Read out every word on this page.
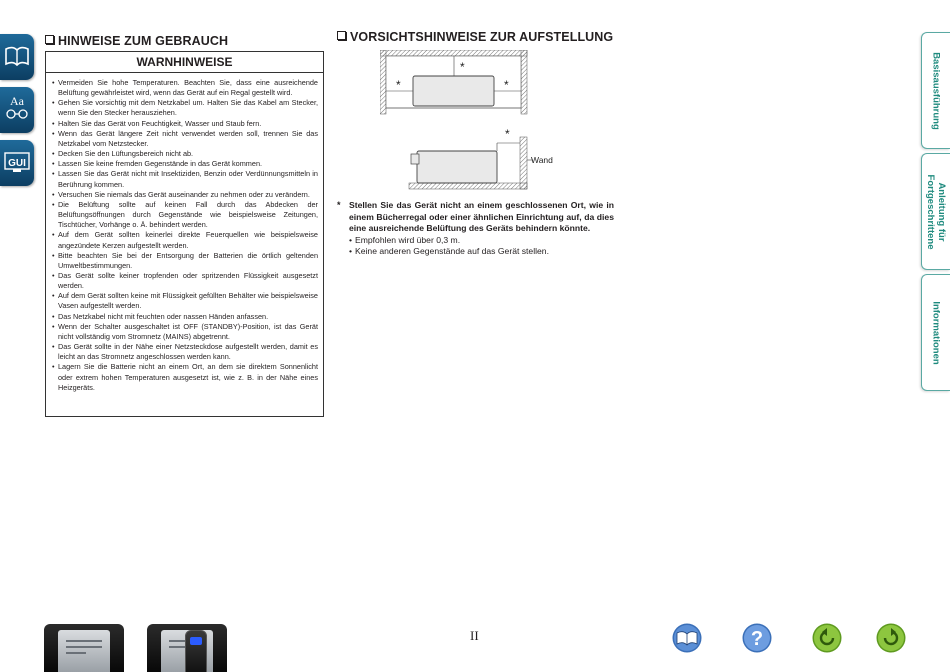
Aa
GUI
Basisausführung
Anleitung für
Fortgeschrittene
Informationen
HINWEISE ZUM GEBRAUCH
WARNHINWEISE
• Vermeiden Sie hohe Temperaturen. Beachten Sie, dass eine ausreichende Belüftung gewährleistet wird, wenn das Gerät auf ein Regal gestellt wird.
• Gehen Sie vorsichtig mit dem Netzkabel um. Halten Sie das Kabel am Stecker, wenn Sie den Stecker herausziehen.
• Halten Sie das Gerät von Feuchtigkeit, Wasser und Staub fern.
• Wenn das Gerät längere Zeit nicht verwendet werden soll, trennen Sie das Netzkabel vom Netzstecker.
• Decken Sie den Lüftungsbereich nicht ab.
• Lassen Sie keine fremden Gegenstände in das Gerät kommen.
• Lassen Sie das Gerät nicht mit Insektiziden, Benzin oder Verdünnungsmitteln in Berührung kommen.
• Versuchen Sie niemals das Gerät auseinander zu nehmen oder zu verändern.
• Die Belüftung sollte auf keinen Fall durch das Abdecken der Belüftungsöffnungen durch Gegenstände wie beispielsweise Zeitungen, Tischtücher, Vorhänge o. Ä. behindert werden.
• Auf dem Gerät sollten keinerlei direkte Feuerquellen wie beispielsweise angezündete Kerzen aufgestellt werden.
• Bitte beachten Sie bei der Entsorgung der Batterien die örtlich geltenden Umweltbestimmungen.
• Das Gerät sollte keiner tropfenden oder spritzenden Flüssigkeit ausgesetzt werden.
• Auf dem Gerät sollten keine mit Flüssigkeit gefüllten Behälter wie beispielsweise Vasen aufgestellt werden.
• Das Netzkabel nicht mit feuchten oder nassen Händen anfassen.
• Wenn der Schalter ausgeschaltet ist OFF (STANDBY)-Position, ist das Gerät nicht vollständig vom Stromnetz (MAINS) abgetrennt.
• Das Gerät sollte in der Nähe einer Netzsteckdose aufgestellt werden, damit es leicht an das Stromnetz angeschlossen werden kann.
• Lagern Sie die Batterie nicht an einem Ort, an dem sie direktem Sonnenlicht oder extrem hohen Temperaturen ausgesetzt ist, wie z. B. in der Nähe eines Heizgeräts.
VORSICHTSHINWEISE ZUR AUFSTELLUNG
*
*	*
*
Wand
* Stellen Sie das Gerät nicht an einem geschlossenen Ort, wie in einem Bücherregal oder einer ähnlichen Einrichtung auf, da dies eine ausreichende Belüftung des Geräts behindern könnte.
• Empfohlen wird über 0,3 m.
• Keine anderen Gegenstände auf das Gerät stellen.
II	?
